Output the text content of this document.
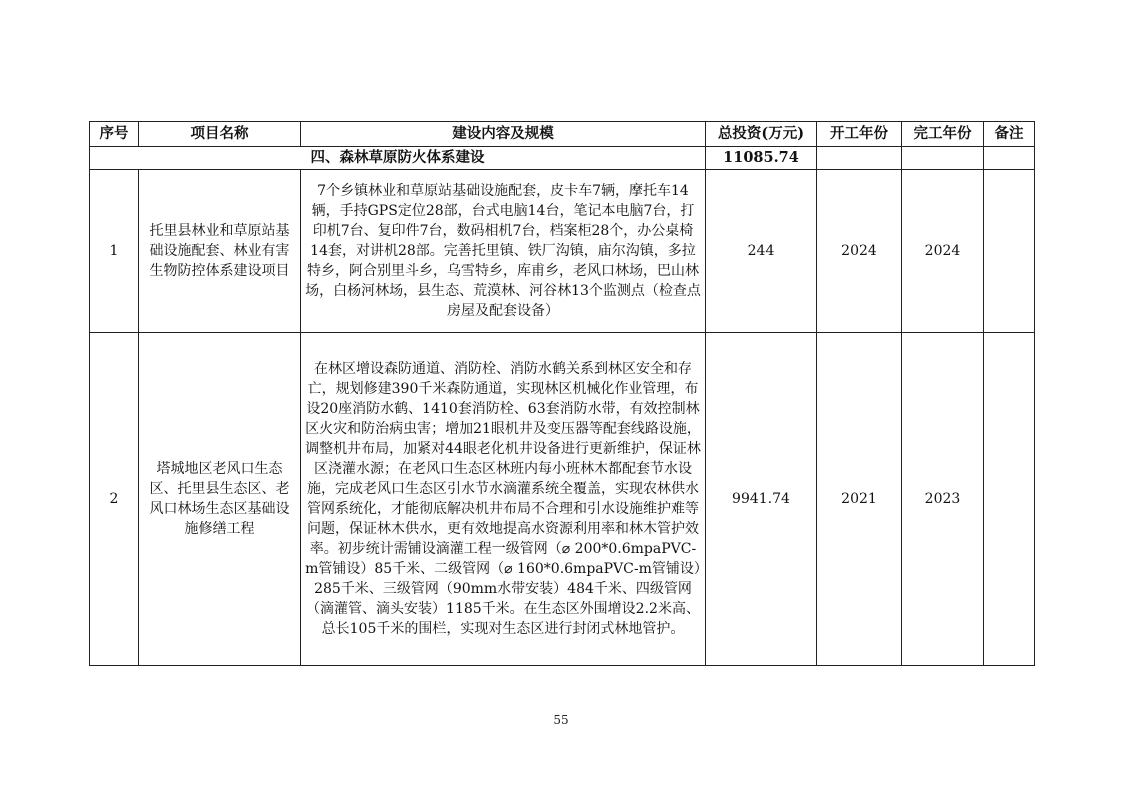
序号	项目名称	建设内容及规模	总投资(万元)	开工年份	完工年份	备注
四、森林草原防火体系建设			11085.74			
1	托里县林业和草原站基础设施配套、林业有害生物防控体系建设项目	7个乡镇林业和草原站基础设施配套，皮卡车7辆，摩托车14辆，手持GPS定位28部，台式电脑14台，笔记本电脑7台，打印机7台、复印件7台，数码相机7台，档案柜28个，办公桌椅14套，对讲机28部。完善托里镇、铁厂沟镇，庙尔沟镇，多拉特乡，阿合别里斗乡，乌雪特乡，库甫乡，老风口林场，巴山林场，白杨河林场，县生态、荒漠林、河谷林13个监测点（检查点房屋及配套设备）	244	2024	2024	
2	塔城地区老风口生态区、托里县生态区、老风口林场生态区基础设施修缮工程	在林区增设森防通道、消防栓、消防水鹤关系到林区安全和存亡，规划修建390千米森防通道，实现林区机械化作业管理，布设20座消防水鹤、1410套消防栓、63套消防水带，有效控制林区火灾和防治病虫害；增加21眼机井及变压器等配套线路设施，调整机井布局，加紧对44眼老化机井设备进行更新维护，保证林区浇灌水源；在老风口生态区林班内每小班林木都配套节水设施，完成老风口生态区引水节水滴灌系统全覆盖，实现农林供水管网系统化，才能彻底解决机井布局不合理和引水设施维护难等问题，保证林木供水，更有效地提高水资源利用率和林木管护效率。初步统计需铺设滴灌工程一级管网（⌀ 200*0.6mpaPVC-m管铺设）85千米、二级管网（⌀ 160*0.6mpaPVC-m管铺设）285千米、三级管网（90mm水带安装）484千米、四级管网（滴灌管、滴头安装）1185千米。在生态区外围增设2.2米高、总长105千米的围栏，实现对生态区进行封闭式林地管护。	9941.74	2021	2023	
55
